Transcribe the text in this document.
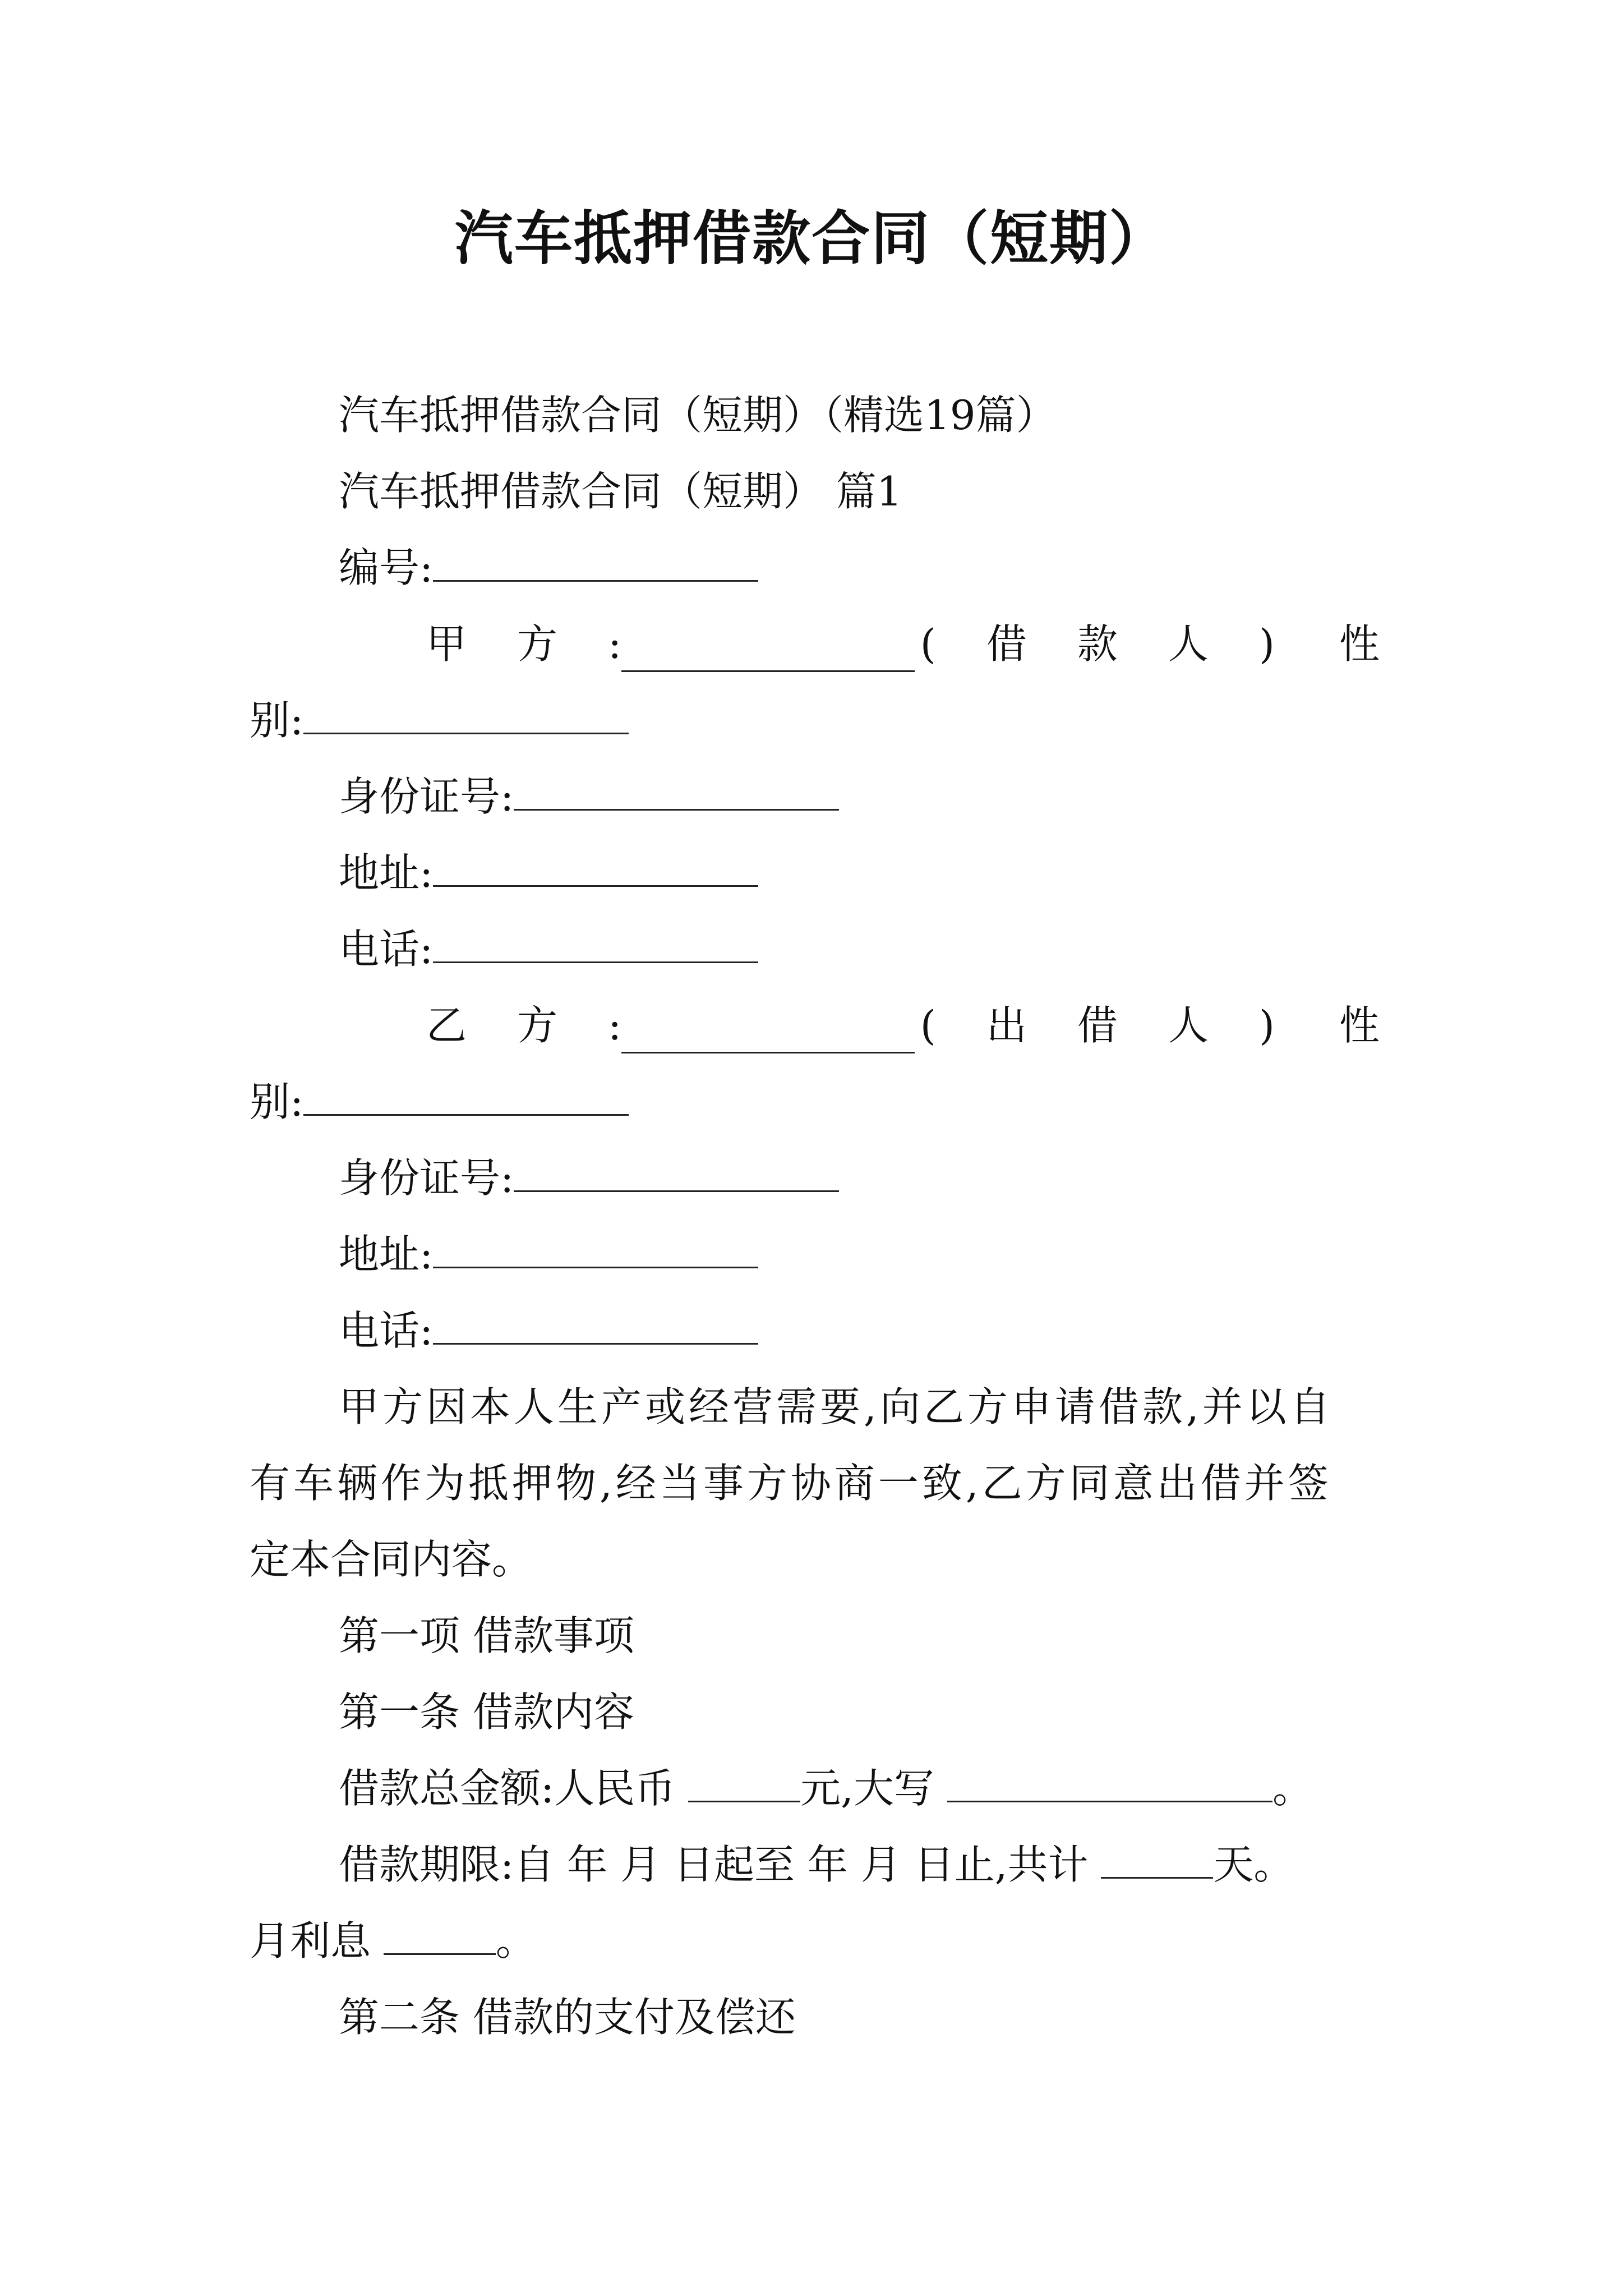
汽车抵押借款合同（短期）
汽车抵押借款合同（短期）（精选19篇）
汽车抵押借款合同（短期） 篇1
编号:
甲 方 :	( 借 款 人 ) 性
别:
身份证号:
地址:
电话:
乙 方 :	( 出 借 人 ) 性
别:
身份证号:
地址:
电话:
甲方因本人生产或经营需要,向乙方申请借款,并以自
有车辆作为抵押物,经当事方协商一致,乙方同意出借并签
定本合同内容。
第一项 借款事项
第一条 借款内容
借款总金额:人民币	元,大写	。
借款期限:自 年 月 日起至 年 月 日止,共计	天。
月利息	。
第二条 借款的支付及偿还
